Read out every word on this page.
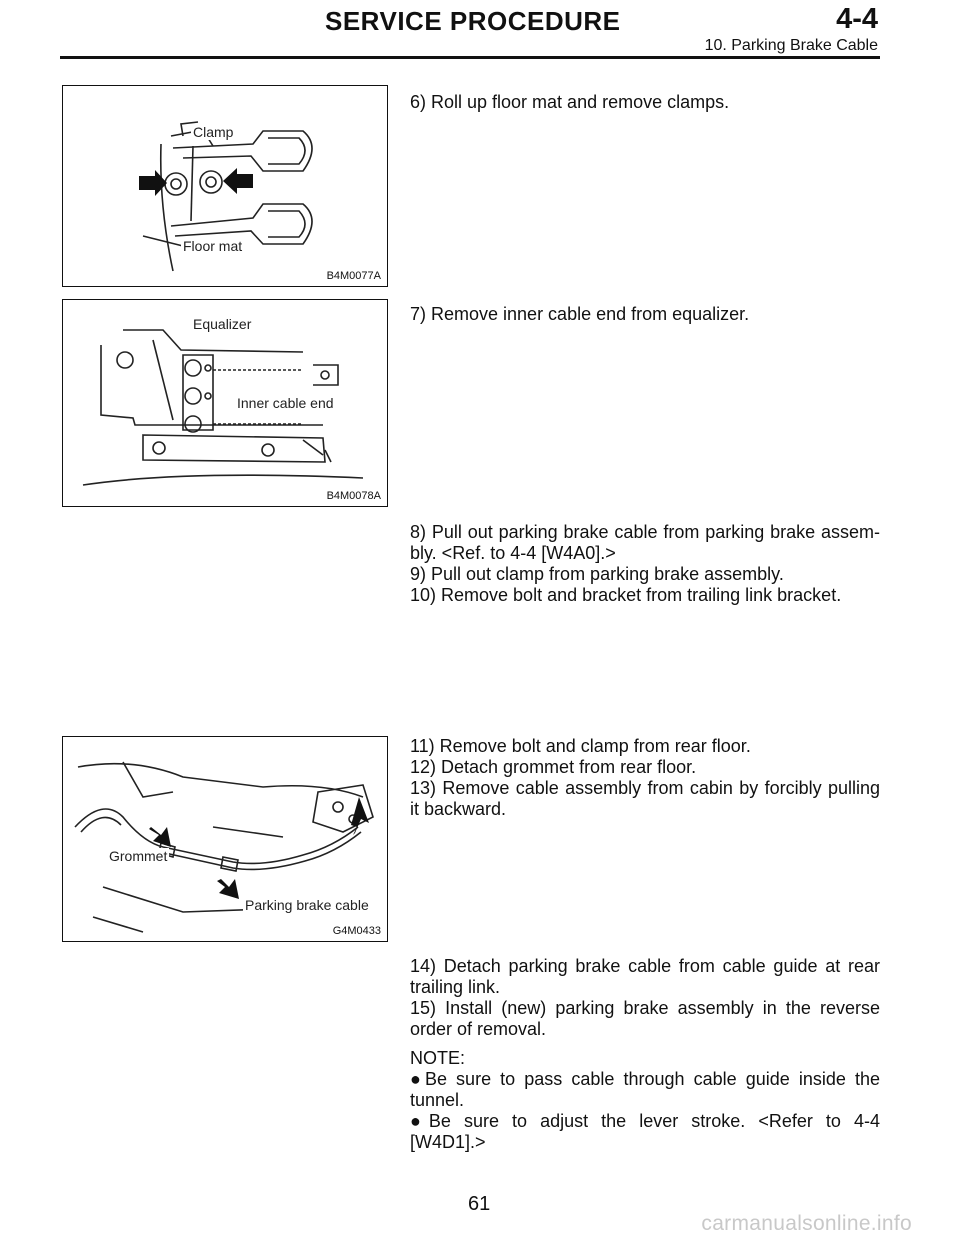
SERVICE PROCEDURE	4-4
10. Parking Brake Cable
Clamp
Floor mat
B4M0077A
Equalizer
Inner cable end
B4M0078A
Grommet
Parking brake cable
G4M0433
6) Roll up floor mat and remove clamps.
7) Remove inner cable end from equalizer.
8) Pull out parking brake cable from parking brake assem-bly. <Ref. to 4-4 [W4A0].>
9) Pull out clamp from parking brake assembly.
10) Remove bolt and bracket from trailing link bracket.
11) Remove bolt and clamp from rear floor.
12) Detach grommet from rear floor.
13) Remove cable assembly from cabin by forcibly pulling it backward.
14) Detach parking brake cable from cable guide at rear trailing link.
15) Install (new) parking brake assembly in the reverse order of removal.
NOTE:
●Be sure to pass cable through cable guide inside the tunnel.
●Be sure to adjust the lever stroke. <Refer to 4-4 [W4D1].>
61
carmanualsonline.info
